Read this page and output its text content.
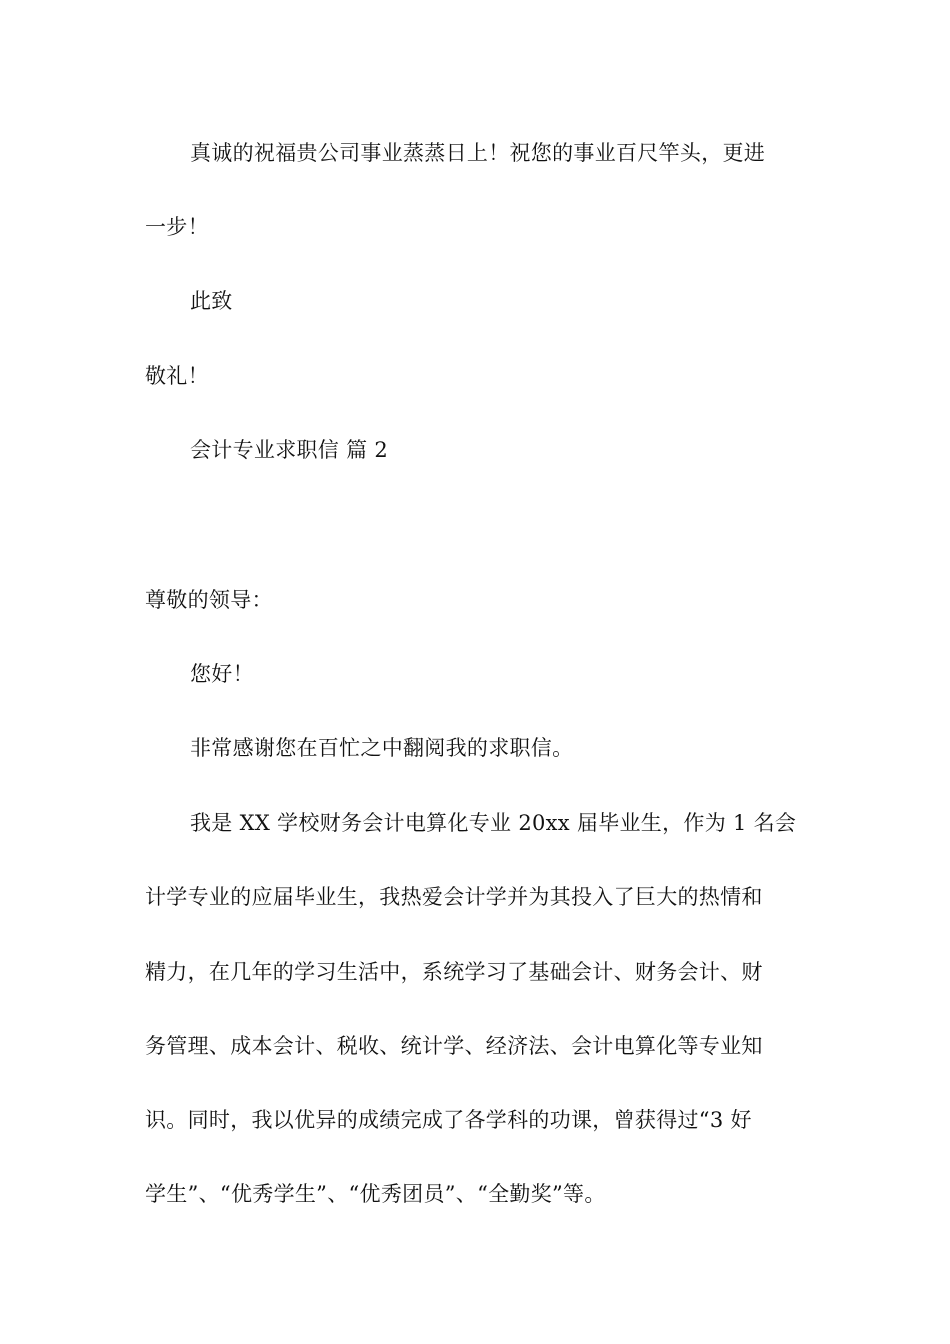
真诚的祝福贵公司事业蒸蒸日上！祝您的事业百尺竿头，更进
一步！
此致
敬礼！
会计专业求职信 篇 2
尊敬的领导：
您好！
非常感谢您在百忙之中翻阅我的求职信。
我是 XX 学校财务会计电算化专业 20xx 届毕业生，作为 1 名会
计学专业的应届毕业生，我热爱会计学并为其投入了巨大的热情和
精力，在几年的学习生活中，系统学习了基础会计、财务会计、财
务管理、成本会计、税收、统计学、经济法、会计电算化等专业知
识。同时，我以优异的成绩完成了各学科的功课，曾获得过“3 好
学生”、“优秀学生”、“优秀团员”、“全勤奖”等。
